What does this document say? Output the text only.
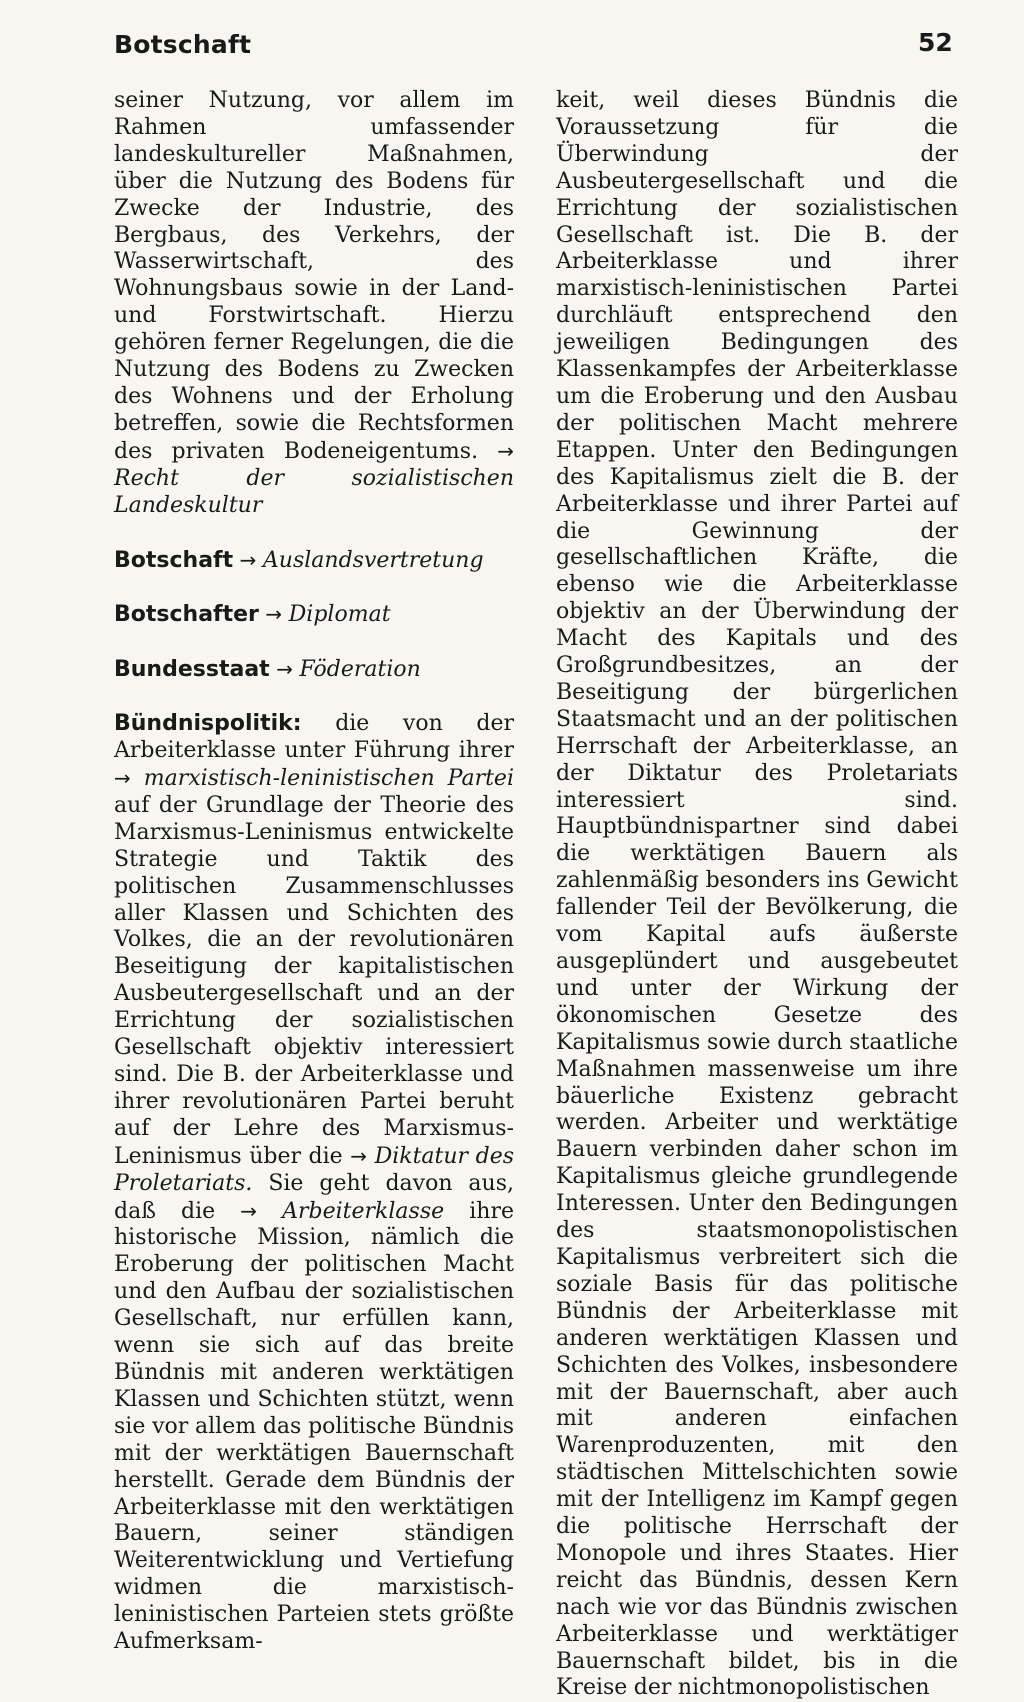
Botschaft	52

seiner Nutzung, vor allem im Rahmen umfassender landeskultureller Maßnahmen, über die Nutzung des Bodens für Zwecke der Industrie, des Bergbaus, des Verkehrs, der Wasserwirtschaft, des Wohnungsbaus sowie in der Land- und Forstwirtschaft. Hierzu gehören ferner Regelungen, die die Nutzung des Bodens zu Zwecken des Wohnens und der Erholung betreffen, sowie die Rechtsformen des privaten Bodeneigentums. → Recht der sozialistischen Landeskultur

Botschaft → Auslandsvertretung

Botschafter → Diplomat

Bundesstaat → Föderation

Bündnispolitik: die von der Arbeiterklasse unter Führung ihrer → marxistisch-leninistischen Partei auf der Grundlage der Theorie des Marxismus-Leninismus entwickelte Strategie und Taktik des politischen Zusammenschlusses aller Klassen und Schichten des Volkes, die an der revolutionären Beseitigung der kapitalistischen Ausbeutergesellschaft und an der Errichtung der sozialistischen Gesellschaft objektiv interessiert sind. Die B. der Arbeiterklasse und ihrer revolutionären Partei beruht auf der Lehre des Marxismus-Leninismus über die → Diktatur des Proletariats. Sie geht davon aus, daß die → Arbeiterklasse ihre historische Mission, nämlich die Eroberung der politischen Macht und den Aufbau der sozialistischen Gesellschaft, nur erfüllen kann, wenn sie sich auf das breite Bündnis mit anderen werktätigen Klassen und Schichten stützt, wenn sie vor allem das politische Bündnis mit der werktätigen Bauernschaft herstellt. Gerade dem Bündnis der Arbeiterklasse mit den werktätigen Bauern, seiner ständigen Weiterentwicklung und Vertiefung widmen die marxistisch-leninistischen Parteien stets größte Aufmerksam-

keit, weil dieses Bündnis die Voraussetzung für die Überwindung der Ausbeutergesellschaft und die Errichtung der sozialistischen Gesellschaft ist. Die B. der Arbeiterklasse und ihrer marxistisch-leninistischen Partei durchläuft entsprechend den jeweiligen Bedingungen des Klassenkampfes der Arbeiterklasse um die Eroberung und den Ausbau der politischen Macht mehrere Etappen. Unter den Bedingungen des Kapitalismus zielt die B. der Arbeiterklasse und ihrer Partei auf die Gewinnung der gesellschaftlichen Kräfte, die ebenso wie die Arbeiterklasse objektiv an der Überwindung der Macht des Kapitals und des Großgrundbesitzes, an der Beseitigung der bürgerlichen Staatsmacht und an der politischen Herrschaft der Arbeiterklasse, an der Diktatur des Proletariats interessiert sind. Hauptbündnispartner sind dabei die werktätigen Bauern als zahlenmäßig besonders ins Gewicht fallender Teil der Bevölkerung, die vom Kapital aufs äußerste ausgeplündert und ausgebeutet und unter der Wirkung der ökonomischen Gesetze des Kapitalismus sowie durch staatliche Maßnahmen massenweise um ihre bäuerliche Existenz gebracht werden. Arbeiter und werktätige Bauern verbinden daher schon im Kapitalismus gleiche grundlegende Interessen. Unter den Bedingungen des staatsmonopolistischen Kapitalismus verbreitert sich die soziale Basis für das politische Bündnis der Arbeiterklasse mit anderen werktätigen Klassen und Schichten des Volkes, insbesondere mit der Bauernschaft, aber auch mit anderen einfachen Warenproduzenten, mit den städtischen Mittelschichten sowie mit der Intelligenz im Kampf gegen die politische Herrschaft der Monopole und ihres Staates. Hier reicht das Bündnis, dessen Kern nach wie vor das Bündnis zwischen Arbeiterklasse und werktätiger Bauernschaft bildet, bis in die Kreise der nichtmonopolistischen
